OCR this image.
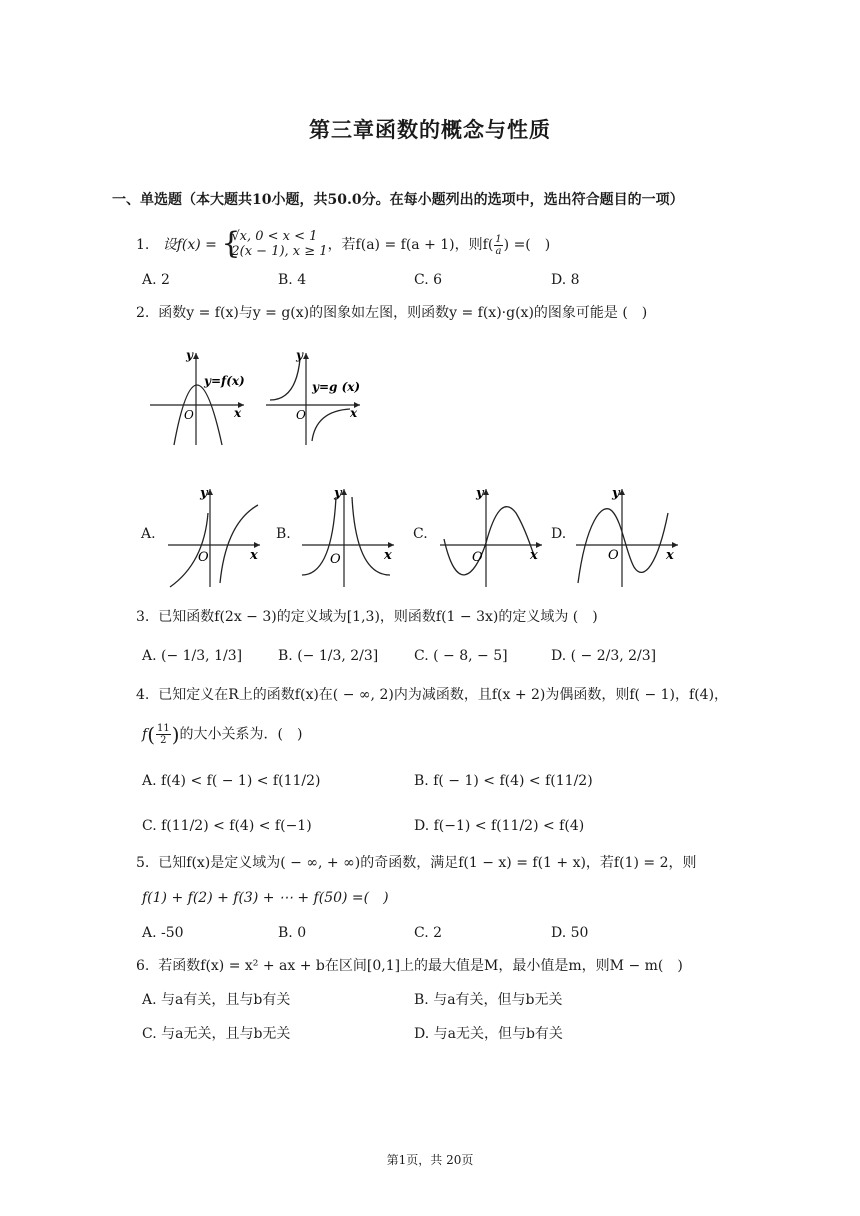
第三章函数的概念与性质
一、单选题（本大题共10小题，共50.0分。在每小题列出的选项中，选出符合题目的一项）
1. 设f(x) = {
√x, 0 < x < 1
2(x − 1), x ≥ 1 ，若f(a) = f(a + 1)，则$f( \frac{1}{a}$ ) =(　)
A. 2	B. 4	C. 6	D. 8
2. 函数y = f(x)与y = g(x)的图象如左图，则函数y = f(x)·g(x)的图象可能是 (　)
y
x
O
y=f(x)
y
x
O
y=g (x)
A.
y
x
O
B.
y
x
O
C.
y
x
O
D.
y
x
O
3. 已知函数f(2x − 3)的定义域为[1,3)，则函数f(1 − 3x)的定义域为 (　)
A. (− 1/3, 1/3]	B. (− 1/3, 2/3]	C. ( − 8, − 5]	D. ( − 2/3, 2/3]
4. 已知定义在R上的函数f(x)在( − ∞, 2)内为减函数，且f(x + 2)为偶函数，则f( − 1)，f(4)，
$f( \frac{11}{2}$ )的大小关系为．(　)
A. f(4) < f( − 1) < f(11/2)	B. f( − 1) < f(4) < f(11/2)
C. f(11/2) < f(4) < f(−1)	D. f(−1) < f(11/2) < f(4)
5. 已知f(x)是定义域为( − ∞, + ∞)的奇函数，满足f(1 − x) = f(1 + x)，若f(1) = 2，则
f(1) + f(2) + f(3) + ⋯ + f(50) =(　)
A. -50	B. 0	C. 2	D. 50
6. 若函数f(x) = x² + ax + b在区间[0,1]上的最大值是M，最小值是m，则M − m(　)
A. 与a有关，且与b有关	B. 与a有关，但与b无关
C. 与a无关，且与b无关	D. 与a无关，但与b有关
第1页，共 20页
